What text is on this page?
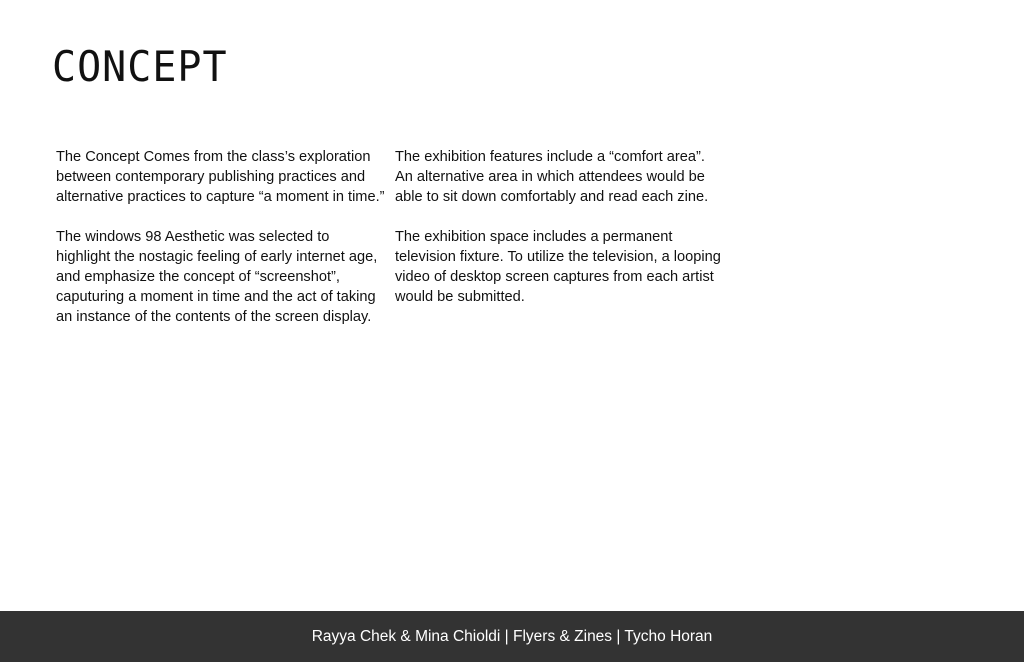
CONCEPT

The Concept Comes from the class’s exploration between contemporary publishing practices and alternative practices to capture “a moment in time.”

The windows 98 Aesthetic was selected to highlight the nostagic feeling of early internet age, and emphasize the concept of “screenshot”, caputuring a moment in time and the act of taking an instance of the contents of the screen display.

The exhibition features include a “comfort area”. An alternative area in which attendees would be able to sit down comfortably and read each zine.

The exhibition space includes a permanent television fixture. To utilize the television, a looping video of desktop screen captures from each artist would be submitted.

Rayya Chek & Mina Chioldi | Flyers & Zines | Tycho Horan
